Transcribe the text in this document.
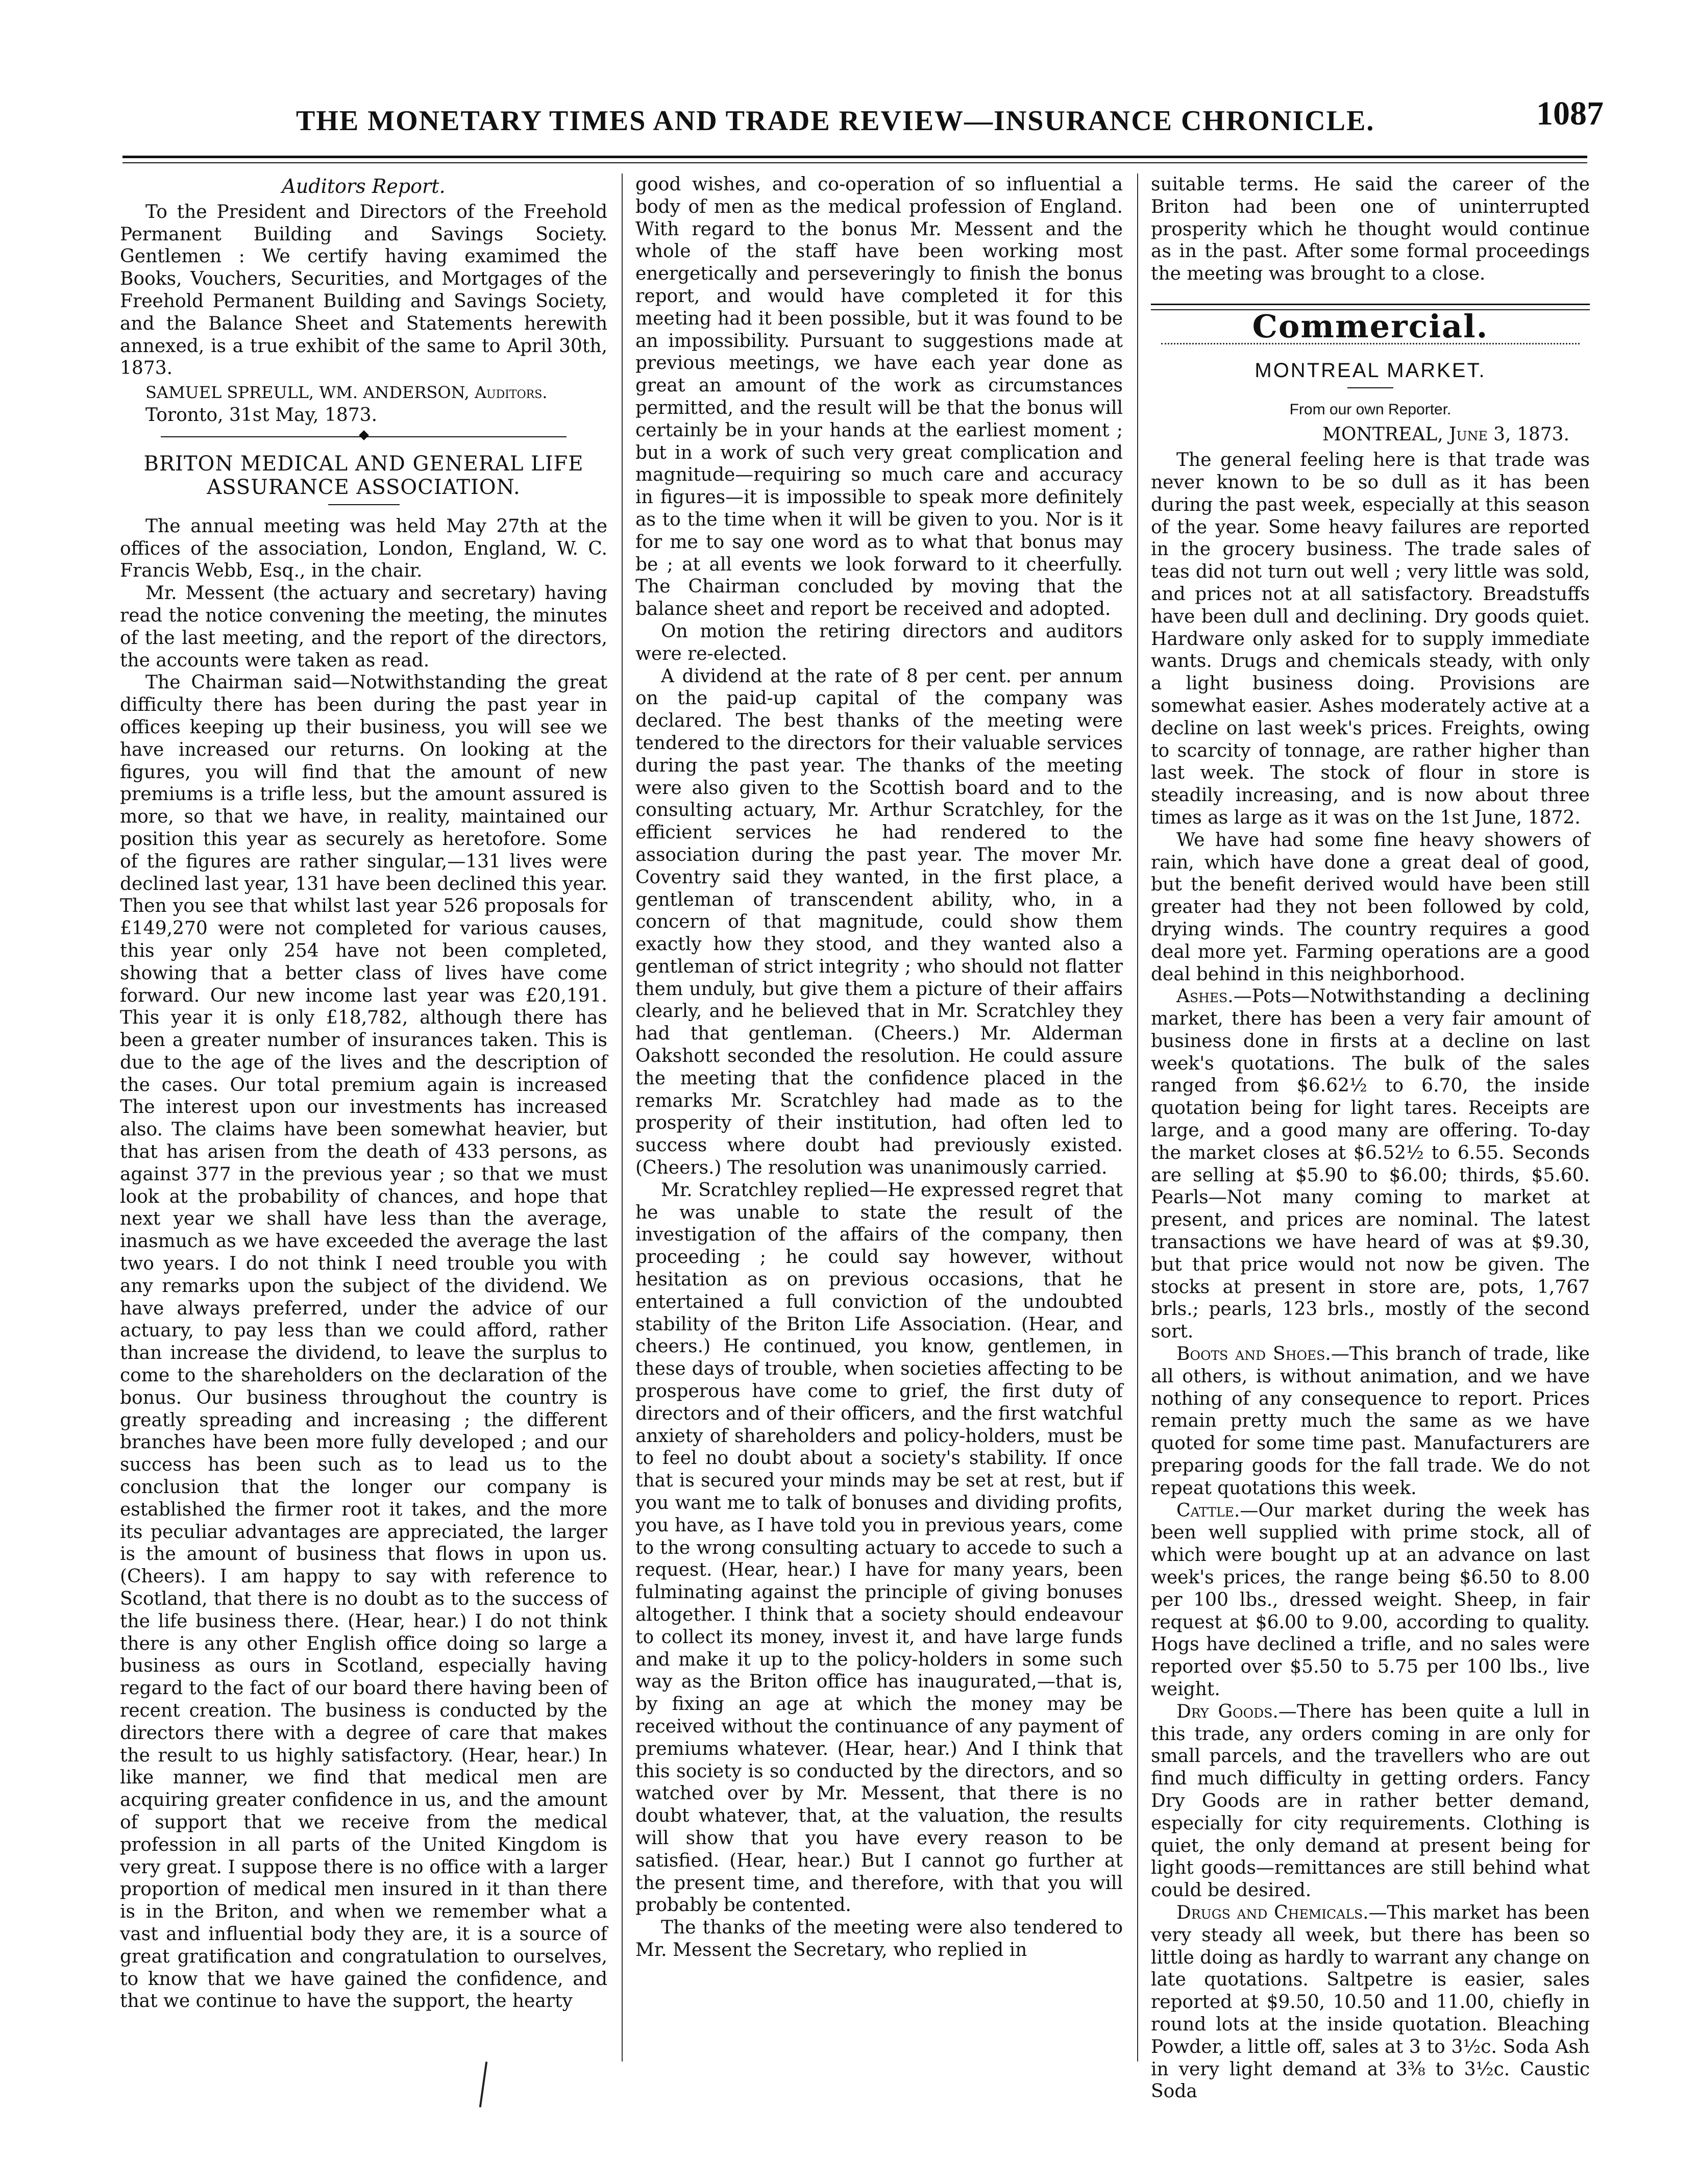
THE MONETARY TIMES AND TRADE REVIEW—INSURANCE CHRONICLE.	1087

Auditors Report.

To the President and Directors of the Freehold Permanent Building and Savings Society. Gentlemen : We certify having examimed the Books, Vouchers, Securities, and Mortgages of the Freehold Permanent Building and Savings Society, and the Balance Sheet and Statements herewith annexed, is a true exhibit of the same to April 30th, 1873.

SAMUEL SPREULL, WM. ANDERSON, Auditors.

Toronto, 31st May, 1873.

BRITON MEDICAL AND GENERAL LIFE ASSURANCE ASSOCIATION.

The annual meeting was held May 27th at the offices of the association, London, England, W. C. Francis Webb, Esq., in the chair.

Mr. Messent (the actuary and secretary) having read the notice convening the meeting, the minutes of the last meeting, and the report of the directors, the accounts were taken as read.

The Chairman said—Notwithstanding the great difficulty there has been during the past year in offices keeping up their business, you will see we have increased our returns. On looking at the figures, you will find that the amount of new premiums is a trifle less, but the amount assured is more, so that we have, in reality, maintained our position this year as securely as heretofore. Some of the figures are rather singular,—131 lives were declined last year, 131 have been declined this year. Then you see that whilst last year 526 proposals for £149,270 were not completed for various causes, this year only 254 have not been completed, showing that a better class of lives have come forward. Our new income last year was £20,191. This year it is only £18,782, although there has been a greater number of insurances taken. This is due to the age of the lives and the description of the cases. Our total premium again is increased The interest upon our investments has increased also. The claims have been somewhat heavier, but that has arisen from the death of 433 persons, as against 377 in the previous year ; so that we must look at the probability of chances, and hope that next year we shall have less than the average, inasmuch as we have exceeded the average the last two years. I do not think I need trouble you with any remarks upon the subject of the dividend. We have always preferred, under the advice of our actuary, to pay less than we could afford, rather than increase the dividend, to leave the surplus to come to the shareholders on the declaration of the bonus. Our business throughout the country is greatly spreading and increasing ; the different branches have been more fully developed ; and our success has been such as to lead us to the conclusion that the longer our company is established the firmer root it takes, and the more its peculiar advantages are appreciated, the larger is the amount of business that flows in upon us. (Cheers). I am happy to say with reference to Scotland, that there is no doubt as to the success of the life business there. (Hear, hear.) I do not think there is any other English office doing so large a business as ours in Scotland, especially having regard to the fact of our board there having been of recent creation. The business is conducted by the directors there with a degree of care that makes the result to us highly satisfactory. (Hear, hear.) In like manner, we find that medical men are acquiring greater confidence in us, and the amount of support that we receive from the medical profession in all parts of the United Kingdom is very great. I suppose there is no office with a larger proportion of medical men insured in it than there is in the Briton, and when we remember what a vast and influential body they are, it is a source of great gratification and congratulation to ourselves, to know that we have gained the confidence, and that we continue to have the support, the hearty

good wishes, and co-operation of so influential a body of men as the medical profession of England. With regard to the bonus Mr. Messent and the whole of the staff have been working most energetically and perseveringly to finish the bonus report, and would have completed it for this meeting had it been possible, but it was found to be an impossibility. Pursuant to suggestions made at previous meetings, we have each year done as great an amount of the work as circumstances permitted, and the result will be that the bonus will certainly be in your hands at the earliest moment ; but in a work of such very great complication and magnitude—requiring so much care and accuracy in figures—it is impossible to speak more definitely as to the time when it will be given to you. Nor is it for me to say one word as to what that bonus may be ; at all events we look forward to it cheerfully. The Chairman concluded by moving that the balance sheet and report be received and adopted.

On motion the retiring directors and auditors were re-elected.

A dividend at the rate of 8 per cent. per annum on the paid-up capital of the company was declared. The best thanks of the meeting were tendered to the directors for their valuable services during the past year. The thanks of the meeting were also given to the Scottish board and to the consulting actuary, Mr. Arthur Scratchley, for the efficient services he had rendered to the association during the past year. The mover Mr. Coventry said they wanted, in the first place, a gentleman of transcendent ability, who, in a concern of that magnitude, could show them exactly how they stood, and they wanted also a gentleman of strict integrity ; who should not flatter them unduly, but give them a picture of their affairs clearly, and he believed that in Mr. Scratchley they had that gentleman. (Cheers.) Mr. Alderman Oakshott seconded the resolution. He could assure the meeting that the confidence placed in the remarks Mr. Scratchley had made as to the prosperity of their institution, had often led to success where doubt had previously existed. (Cheers.) The resolution was unanimously carried.

Mr. Scratchley replied—He expressed regret that he was unable to state the result of the investigation of the affairs of the company, then proceeding ; he could say however, without hesitation as on previous occasions, that he entertained a full conviction of the undoubted stability of the Briton Life Association. (Hear, and cheers.) He continued, you know, gentlemen, in these days of trouble, when societies affecting to be prosperous have come to grief, the first duty of directors and of their officers, and the first watchful anxiety of shareholders and policy-holders, must be to feel no doubt about a society's stability. If once that is secured your minds may be set at rest, but if you want me to talk of bonuses and dividing profits, you have, as I have told you in previous years, come to the wrong consulting actuary to accede to such a request. (Hear, hear.) I have for many years, been fulminating against the principle of giving bonuses altogether. I think that a society should endeavour to collect its money, invest it, and have large funds and make it up to the policy-holders in some such way as the Briton office has inaugurated,—that is, by fixing an age at which the money may be received without the continuance of any payment of premiums whatever. (Hear, hear.) And I think that this society is so conducted by the directors, and so watched over by Mr. Messent, that there is no doubt whatever, that, at the valuation, the results will show that you have every reason to be satisfied. (Hear, hear.) But I cannot go further at the present time, and therefore, with that you will probably be contented.

The thanks of the meeting were also tendered to Mr. Messent the Secretary, who replied in

suitable terms. He said the career of the Briton had been one of uninterrupted prosperity which he thought would continue as in the past. After some formal proceedings the meeting was brought to a close.

Commercial.

MONTREAL MARKET.

From our own Reporter.

MONTREAL, June 3, 1873.

The general feeling here is that trade was never known to be so dull as it has been during the past week, especially at this season of the year. Some heavy failures are reported in the grocery business. The trade sales of teas did not turn out well ; very little was sold, and prices not at all satisfactory. Breadstuffs have been dull and declining. Dry goods quiet. Hardware only asked for to supply immediate wants. Drugs and chemicals steady, with only a light business doing. Provisions are somewhat easier. Ashes moderately active at a decline on last week's prices. Freights, owing to scarcity of tonnage, are rather higher than last week. The stock of flour in store is steadily increasing, and is now about three times as large as it was on the 1st June, 1872.

We have had some fine heavy showers of rain, which have done a great deal of good, but the benefit derived would have been still greater had they not been followed by cold, drying winds. The country requires a good deal more yet. Farming operations are a good deal behind in this neighborhood.

Ashes.—Pots—Notwithstanding a declining market, there has been a very fair amount of business done in firsts at a decline on last week's quotations. The bulk of the sales ranged from $6.62½ to 6.70, the inside quotation being for light tares. Receipts are large, and a good many are offering. To-day the market closes at $6.52½ to 6.55. Seconds are selling at $5.90 to $6.00; thirds, $5.60. Pearls—Not many coming to market at present, and prices are nominal. The latest transactions we have heard of was at $9.30, but that price would not now be given. The stocks at present in store are, pots, 1,767 brls.; pearls, 123 brls., mostly of the second sort.

Boots and Shoes.—This branch of trade, like all others, is without animation, and we have nothing of any consequence to report. Prices remain pretty much the same as we have quoted for some time past. Manufacturers are preparing goods for the fall trade. We do not repeat quotations this week.

Cattle.—Our market during the week has been well supplied with prime stock, all of which were bought up at an advance on last week's prices, the range being $6.50 to 8.00 per 100 lbs., dressed weight. Sheep, in fair request at $6.00 to 9.00, according to quality. Hogs have declined a trifle, and no sales were reported over $5.50 to 5.75 per 100 lbs., live weight.

Dry Goods.—There has been quite a lull in this trade, any orders coming in are only for small parcels, and the travellers who are out find much difficulty in getting orders. Fancy Dry Goods are in rather better demand, especially for city requirements. Clothing is quiet, the only demand at present being for light goods—remittances are still behind what could be desired.

Drugs and Chemicals.—This market has been very steady all week, but there has been so little doing as hardly to warrant any change on late quotations. Saltpetre is easier, sales reported at $9.50, 10.50 and 11.00, chiefly in round lots at the inside quotation. Bleaching Powder, a little off, sales at 3 to 3½c. Soda Ash in very light demand at 3⅜ to 3½c. Caustic Soda
